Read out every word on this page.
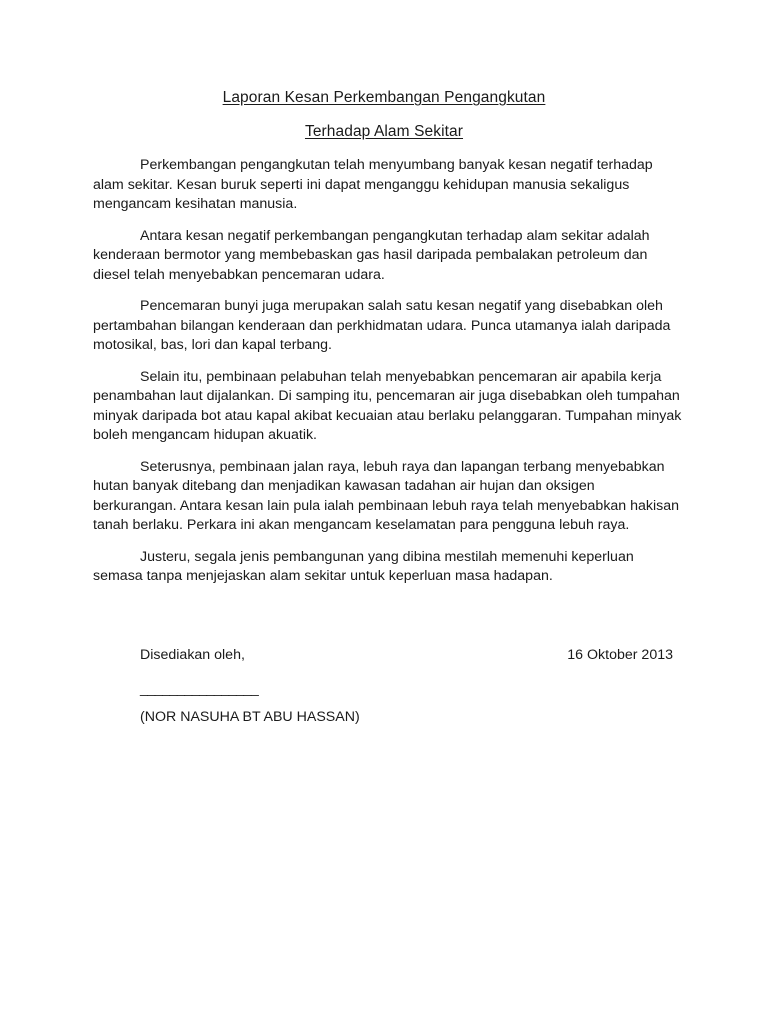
Laporan Kesan Perkembangan Pengangkutan
Terhadap Alam Sekitar

Perkembangan pengangkutan telah menyumbang banyak kesan negatif terhadap alam sekitar. Kesan buruk seperti ini dapat menganggu kehidupan manusia sekaligus mengancam kesihatan manusia.

Antara kesan negatif perkembangan pengangkutan terhadap alam sekitar adalah kenderaan bermotor yang membebaskan gas hasil daripada pembalakan petroleum dan diesel telah menyebabkan pencemaran udara.

Pencemaran bunyi juga merupakan salah satu kesan negatif yang disebabkan oleh pertambahan bilangan kenderaan dan perkhidmatan udara. Punca utamanya ialah daripada motosikal, bas, lori dan kapal terbang.

Selain itu, pembinaan pelabuhan telah menyebabkan pencemaran air apabila kerja penambahan laut dijalankan. Di samping itu, pencemaran air juga disebabkan oleh tumpahan minyak daripada bot atau kapal akibat kecuaian atau berlaku pelanggaran. Tumpahan minyak boleh mengancam hidupan akuatik.

Seterusnya, pembinaan jalan raya, lebuh raya dan lapangan terbang menyebabkan hutan banyak ditebang dan menjadikan kawasan tadahan air hujan dan oksigen  berkurangan. Antara kesan lain pula ialah pembinaan lebuh raya telah menyebabkan hakisan tanah berlaku. Perkara ini akan mengancam keselamatan para pengguna lebuh raya.

Justeru, segala jenis pembangunan yang dibina mestilah memenuhi keperluan semasa tanpa menjejaskan alam sekitar untuk keperluan masa hadapan.

Disediakan oleh,	16 Oktober 2013
________________
(NOR NASUHA BT ABU HASSAN)
